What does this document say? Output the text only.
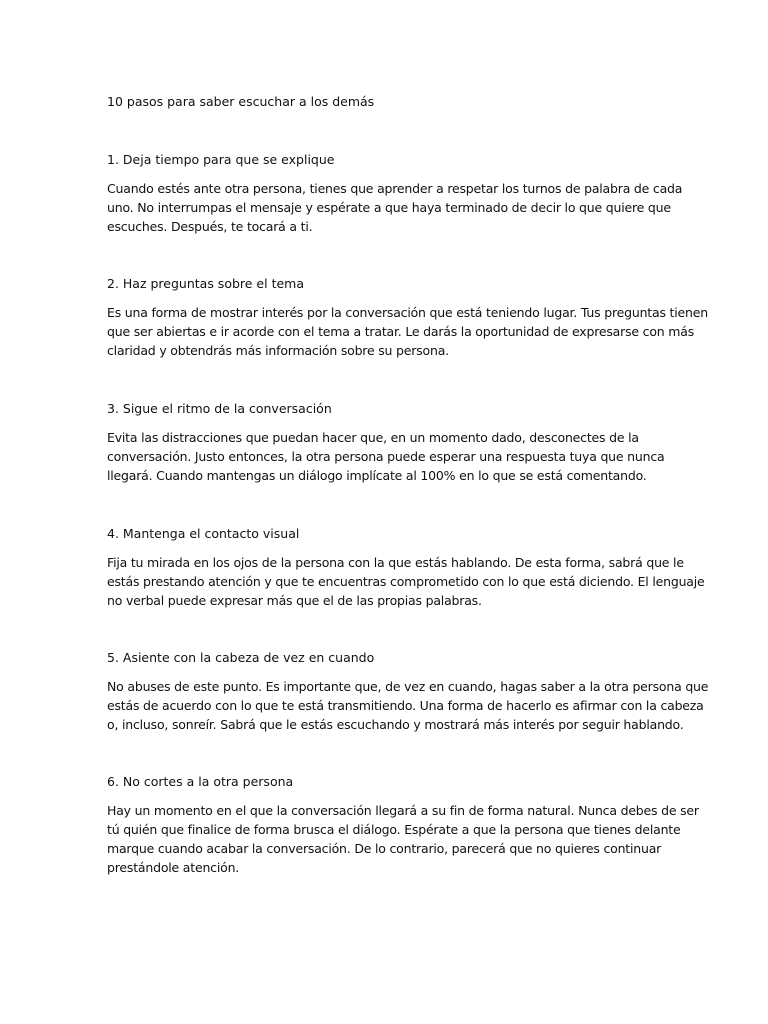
10 pasos para saber escuchar a los demás
1. Deja tiempo para que se explique

Cuando estés ante otra persona, tienes que aprender a respetar los turnos de palabra de cada
uno. No interrumpas el mensaje y espérate a que haya terminado de decir lo que quiere que
escuches. Después, te tocará a ti.

2. Haz preguntas sobre el tema

Es una forma de mostrar interés por la conversación que está teniendo lugar. Tus preguntas tienen
que ser abiertas e ir acorde con el tema a tratar. Le darás la oportunidad de expresarse con más
claridad y obtendrás más información sobre su persona.

3. Sigue el ritmo de la conversación

Evita las distracciones que puedan hacer que, en un momento dado, desconectes de la
conversación. Justo entonces, la otra persona puede esperar una respuesta tuya que nunca
llegará. Cuando mantengas un diálogo implícate al 100% en lo que se está comentando.

4. Mantenga el contacto visual

Fija tu mirada en los ojos de la persona con la que estás hablando. De esta forma, sabrá que le
estás prestando atención y que te encuentras comprometido con lo que está diciendo. El lenguaje
no verbal puede expresar más que el de las propias palabras.

5. Asiente con la cabeza de vez en cuando

No abuses de este punto. Es importante que, de vez en cuando, hagas saber a la otra persona que
estás de acuerdo con lo que te está transmitiendo. Una forma de hacerlo es afirmar con la cabeza
o, incluso, sonreír. Sabrá que le estás escuchando y mostrará más interés por seguir hablando.

6. No cortes a la otra persona

Hay un momento en el que la conversación llegará a su fin de forma natural. Nunca debes de ser
tú quién que finalice de forma brusca el diálogo. Espérate a que la persona que tienes delante
marque cuando acabar la conversación. De lo contrario, parecerá que no quieres continuar
prestándole atención.
